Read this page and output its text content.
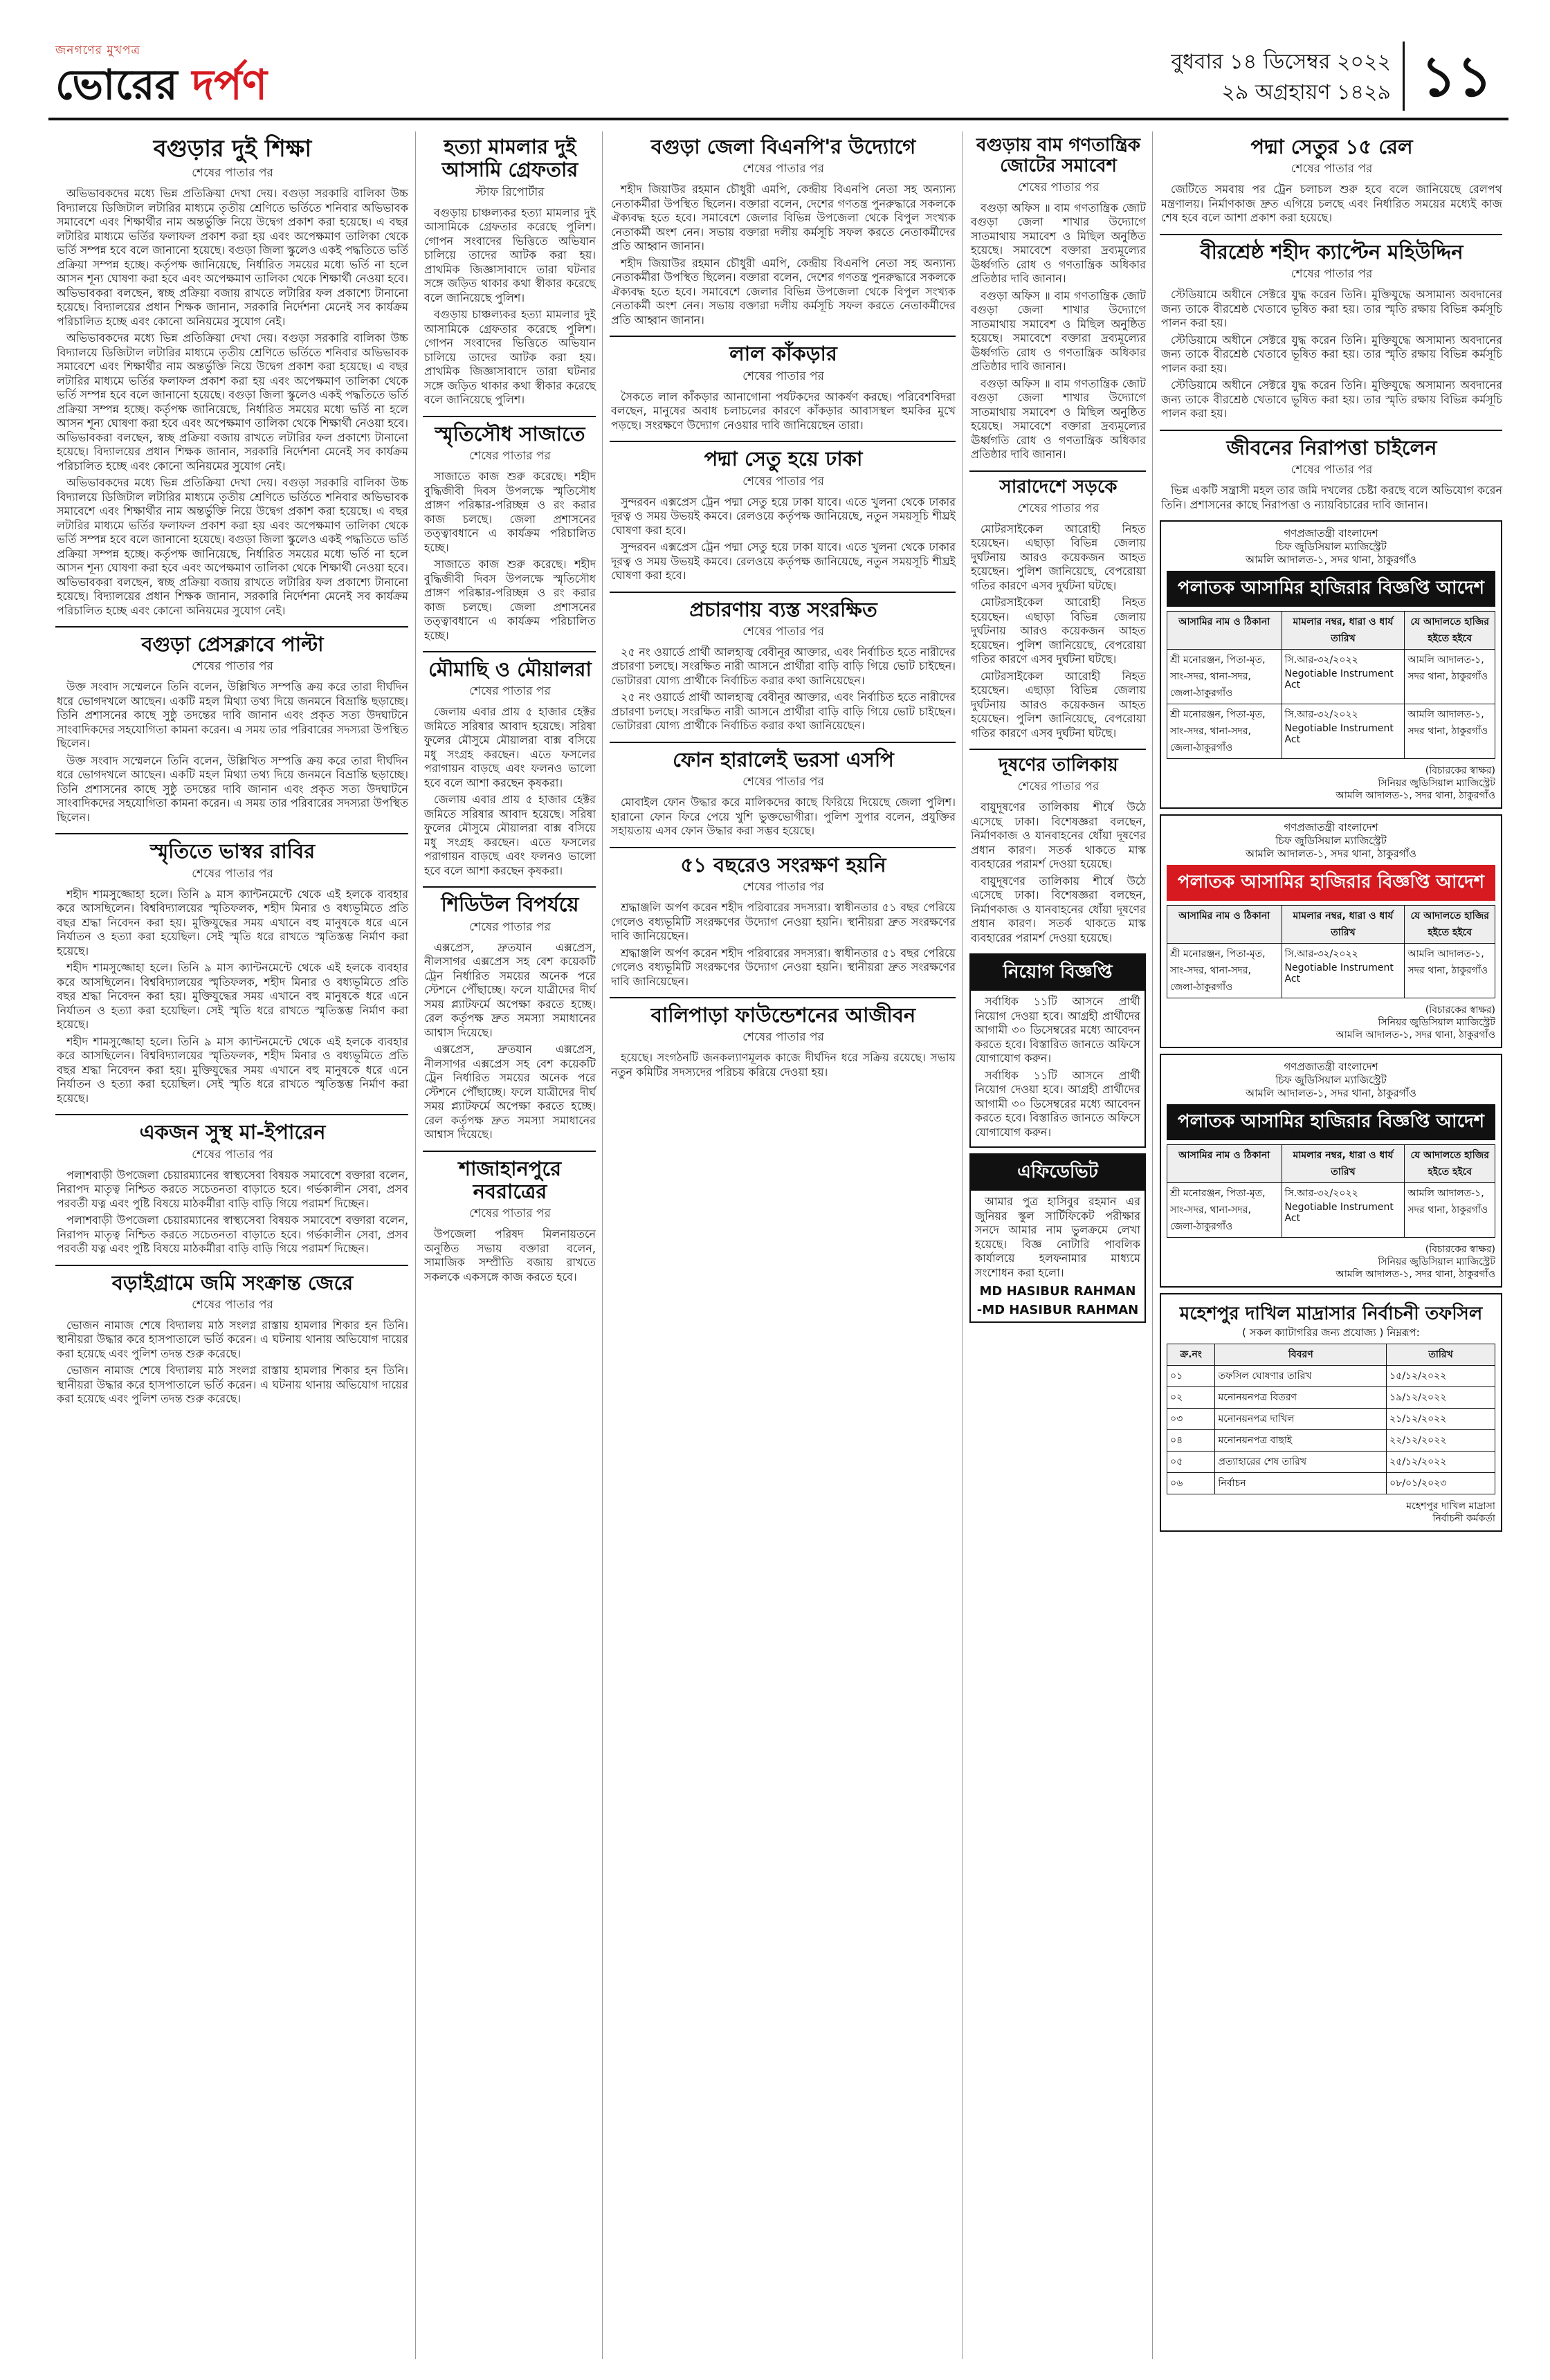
জনগণের মুখপত্র
ভোরের দর্পণ	বুধবার ১৪ ডিসেম্বর ২০২২
২৯ অগ্রহায়ণ ১৪২৯ ১১
বগুড়ার দুই শিক্ষা
শেষের পাতার পর

অভিভাবকদের মধ্যে ভিন্ন প্রতিক্রিয়া দেখা দেয়। বগুড়া সরকারি বালিকা উচ্চ বিদ্যালয়ে ডিজিটাল লটারির মাধ্যমে তৃতীয় শ্রেণিতে ভর্তিতে শনিবার অভিভাবক সমাবেশে এবং শিক্ষার্থীর নাম অন্তর্ভুক্তি নিয়ে উদ্বেগ প্রকাশ করা হয়েছে। এ বছর লটারির মাধ্যমে ভর্তির ফলাফল প্রকাশ করা হয় এবং অপেক্ষমাণ তালিকা থেকে ভর্তি সম্পন্ন হবে বলে জানানো হয়েছে। বগুড়া জিলা স্কুলেও একই পদ্ধতিতে ভর্তি প্রক্রিয়া সম্পন্ন হচ্ছে। কর্তৃপক্ষ জানিয়েছে, নির্ধারিত সময়ের মধ্যে ভর্তি না হলে আসন শূন্য ঘোষণা করা হবে এবং অপেক্ষমাণ তালিকা থেকে শিক্ষার্থী নেওয়া হবে। অভিভাবকরা বলছেন, স্বচ্ছ প্রক্রিয়া বজায় রাখতে লটারির ফল প্রকাশ্যে টানানো হয়েছে। বিদ্যালয়ের প্রধান শিক্ষক জানান, সরকারি নির্দেশনা মেনেই সব কার্যক্রম পরিচালিত হচ্ছে এবং কোনো অনিয়মের সুযোগ নেই।

অভিভাবকদের মধ্যে ভিন্ন প্রতিক্রিয়া দেখা দেয়। বগুড়া সরকারি বালিকা উচ্চ বিদ্যালয়ে ডিজিটাল লটারির মাধ্যমে তৃতীয় শ্রেণিতে ভর্তিতে শনিবার অভিভাবক সমাবেশে এবং শিক্ষার্থীর নাম অন্তর্ভুক্তি নিয়ে উদ্বেগ প্রকাশ করা হয়েছে। এ বছর লটারির মাধ্যমে ভর্তির ফলাফল প্রকাশ করা হয় এবং অপেক্ষমাণ তালিকা থেকে ভর্তি সম্পন্ন হবে বলে জানানো হয়েছে। বগুড়া জিলা স্কুলেও একই পদ্ধতিতে ভর্তি প্রক্রিয়া সম্পন্ন হচ্ছে। কর্তৃপক্ষ জানিয়েছে, নির্ধারিত সময়ের মধ্যে ভর্তি না হলে আসন শূন্য ঘোষণা করা হবে এবং অপেক্ষমাণ তালিকা থেকে শিক্ষার্থী নেওয়া হবে। অভিভাবকরা বলছেন, স্বচ্ছ প্রক্রিয়া বজায় রাখতে লটারির ফল প্রকাশ্যে টানানো হয়েছে। বিদ্যালয়ের প্রধান শিক্ষক জানান, সরকারি নির্দেশনা মেনেই সব কার্যক্রম পরিচালিত হচ্ছে এবং কোনো অনিয়মের সুযোগ নেই।

অভিভাবকদের মধ্যে ভিন্ন প্রতিক্রিয়া দেখা দেয়। বগুড়া সরকারি বালিকা উচ্চ বিদ্যালয়ে ডিজিটাল লটারির মাধ্যমে তৃতীয় শ্রেণিতে ভর্তিতে শনিবার অভিভাবক সমাবেশে এবং শিক্ষার্থীর নাম অন্তর্ভুক্তি নিয়ে উদ্বেগ প্রকাশ করা হয়েছে। এ বছর লটারির মাধ্যমে ভর্তির ফলাফল প্রকাশ করা হয় এবং অপেক্ষমাণ তালিকা থেকে ভর্তি সম্পন্ন হবে বলে জানানো হয়েছে। বগুড়া জিলা স্কুলেও একই পদ্ধতিতে ভর্তি প্রক্রিয়া সম্পন্ন হচ্ছে। কর্তৃপক্ষ জানিয়েছে, নির্ধারিত সময়ের মধ্যে ভর্তি না হলে আসন শূন্য ঘোষণা করা হবে এবং অপেক্ষমাণ তালিকা থেকে শিক্ষার্থী নেওয়া হবে। অভিভাবকরা বলছেন, স্বচ্ছ প্রক্রিয়া বজায় রাখতে লটারির ফল প্রকাশ্যে টানানো হয়েছে। বিদ্যালয়ের প্রধান শিক্ষক জানান, সরকারি নির্দেশনা মেনেই সব কার্যক্রম পরিচালিত হচ্ছে এবং কোনো অনিয়মের সুযোগ নেই।

বগুড়া প্রেসক্লাবে পাল্টা
শেষের পাতার পর

উক্ত সংবাদ সম্মেলনে তিনি বলেন, উল্লিখিত সম্পত্তি ক্রয় করে তারা দীর্ঘদিন ধরে ভোগদখলে আছেন। একটি মহল মিথ্যা তথ্য দিয়ে জনমনে বিভ্রান্তি ছড়াচ্ছে। তিনি প্রশাসনের কাছে সুষ্ঠু তদন্তের দাবি জানান এবং প্রকৃত সত্য উদঘাটনে সাংবাদিকদের সহযোগিতা কামনা করেন। এ সময় তার পরিবারের সদস্যরা উপস্থিত ছিলেন।

উক্ত সংবাদ সম্মেলনে তিনি বলেন, উল্লিখিত সম্পত্তি ক্রয় করে তারা দীর্ঘদিন ধরে ভোগদখলে আছেন। একটি মহল মিথ্যা তথ্য দিয়ে জনমনে বিভ্রান্তি ছড়াচ্ছে। তিনি প্রশাসনের কাছে সুষ্ঠু তদন্তের দাবি জানান এবং প্রকৃত সত্য উদঘাটনে সাংবাদিকদের সহযোগিতা কামনা করেন। এ সময় তার পরিবারের সদস্যরা উপস্থিত ছিলেন।

স্মৃতিতে ভাস্বর রাবির
শেষের পাতার পর

শহীদ শামসুজ্জোহা হলে। তিনি ৯ মাস ক্যান্টনমেন্টে থেকে এই হলকে ব্যবহার করে আসছিলেন। বিশ্ববিদ্যালয়ের স্মৃতিফলক, শহীদ মিনার ও বধ্যভূমিতে প্রতি বছর শ্রদ্ধা নিবেদন করা হয়। মুক্তিযুদ্ধের সময় এখানে বহু মানুষকে ধরে এনে নির্যাতন ও হত্যা করা হয়েছিল। সেই স্মৃতি ধরে রাখতে স্মৃতিস্তম্ভ নির্মাণ করা হয়েছে।

শহীদ শামসুজ্জোহা হলে। তিনি ৯ মাস ক্যান্টনমেন্টে থেকে এই হলকে ব্যবহার করে আসছিলেন। বিশ্ববিদ্যালয়ের স্মৃতিফলক, শহীদ মিনার ও বধ্যভূমিতে প্রতি বছর শ্রদ্ধা নিবেদন করা হয়। মুক্তিযুদ্ধের সময় এখানে বহু মানুষকে ধরে এনে নির্যাতন ও হত্যা করা হয়েছিল। সেই স্মৃতি ধরে রাখতে স্মৃতিস্তম্ভ নির্মাণ করা হয়েছে।

শহীদ শামসুজ্জোহা হলে। তিনি ৯ মাস ক্যান্টনমেন্টে থেকে এই হলকে ব্যবহার করে আসছিলেন। বিশ্ববিদ্যালয়ের স্মৃতিফলক, শহীদ মিনার ও বধ্যভূমিতে প্রতি বছর শ্রদ্ধা নিবেদন করা হয়। মুক্তিযুদ্ধের সময় এখানে বহু মানুষকে ধরে এনে নির্যাতন ও হত্যা করা হয়েছিল। সেই স্মৃতি ধরে রাখতে স্মৃতিস্তম্ভ নির্মাণ করা হয়েছে।

একজন সুস্থ মা-ইপারেন
শেষের পাতার পর

পলাশবাড়ী উপজেলা চেয়ারম্যানের স্বাস্থ্যসেবা বিষয়ক সমাবেশে বক্তারা বলেন, নিরাপদ মাতৃত্ব নিশ্চিত করতে সচেতনতা বাড়াতে হবে। গর্ভকালীন সেবা, প্রসব পরবর্তী যত্ন এবং পুষ্টি বিষয়ে মাঠকর্মীরা বাড়ি বাড়ি গিয়ে পরামর্শ দিচ্ছেন।

পলাশবাড়ী উপজেলা চেয়ারম্যানের স্বাস্থ্যসেবা বিষয়ক সমাবেশে বক্তারা বলেন, নিরাপদ মাতৃত্ব নিশ্চিত করতে সচেতনতা বাড়াতে হবে। গর্ভকালীন সেবা, প্রসব পরবর্তী যত্ন এবং পুষ্টি বিষয়ে মাঠকর্মীরা বাড়ি বাড়ি গিয়ে পরামর্শ দিচ্ছেন।

বড়াইগ্রামে জমি সংক্রান্ত জেরে
শেষের পাতার পর

ভোজন নামাজ শেষে বিদ্যালয় মাঠ সংলগ্ন রাস্তায় হামলার শিকার হন তিনি। স্থানীয়রা উদ্ধার করে হাসপাতালে ভর্তি করেন। এ ঘটনায় থানায় অভিযোগ দায়ের করা হয়েছে এবং পুলিশ তদন্ত শুরু করেছে।

ভোজন নামাজ শেষে বিদ্যালয় মাঠ সংলগ্ন রাস্তায় হামলার শিকার হন তিনি। স্থানীয়রা উদ্ধার করে হাসপাতালে ভর্তি করেন। এ ঘটনায় থানায় অভিযোগ দায়ের করা হয়েছে এবং পুলিশ তদন্ত শুরু করেছে।

হত্যা মামলার দুই আসামি গ্রেফতার
স্টাফ রিপোর্টার

বগুড়ায় চাঞ্চল্যকর হত্যা মামলার দুই আসামিকে গ্রেফতার করেছে পুলিশ। গোপন সংবাদের ভিত্তিতে অভিযান চালিয়ে তাদের আটক করা হয়। প্রাথমিক জিজ্ঞাসাবাদে তারা ঘটনার সঙ্গে জড়িত থাকার কথা স্বীকার করেছে বলে জানিয়েছে পুলিশ।

বগুড়ায় চাঞ্চল্যকর হত্যা মামলার দুই আসামিকে গ্রেফতার করেছে পুলিশ। গোপন সংবাদের ভিত্তিতে অভিযান চালিয়ে তাদের আটক করা হয়। প্রাথমিক জিজ্ঞাসাবাদে তারা ঘটনার সঙ্গে জড়িত থাকার কথা স্বীকার করেছে বলে জানিয়েছে পুলিশ।

স্মৃতিসৌধ সাজাতে
শেষের পাতার পর

সাজাতে কাজ শুরু করেছে। শহীদ বুদ্ধিজীবী দিবস উপলক্ষে স্মৃতিসৌধ প্রাঙ্গণ পরিষ্কার-পরিচ্ছন্ন ও রং করার কাজ চলছে। জেলা প্রশাসনের তত্ত্বাবধানে এ কার্যক্রম পরিচালিত হচ্ছে।

সাজাতে কাজ শুরু করেছে। শহীদ বুদ্ধিজীবী দিবস উপলক্ষে স্মৃতিসৌধ প্রাঙ্গণ পরিষ্কার-পরিচ্ছন্ন ও রং করার কাজ চলছে। জেলা প্রশাসনের তত্ত্বাবধানে এ কার্যক্রম পরিচালিত হচ্ছে।

মৌমাছি ও মৌয়ালরা
শেষের পাতার পর

জেলায় এবার প্রায় ৫ হাজার হেক্টর জমিতে সরিষার আবাদ হয়েছে। সরিষা ফুলের মৌসুমে মৌয়ালরা বাক্স বসিয়ে মধু সংগ্রহ করছেন। এতে ফসলের পরাগায়ন বাড়ছে এবং ফলনও ভালো হবে বলে আশা করছেন কৃষকরা।

জেলায় এবার প্রায় ৫ হাজার হেক্টর জমিতে সরিষার আবাদ হয়েছে। সরিষা ফুলের মৌসুমে মৌয়ালরা বাক্স বসিয়ে মধু সংগ্রহ করছেন। এতে ফসলের পরাগায়ন বাড়ছে এবং ফলনও ভালো হবে বলে আশা করছেন কৃষকরা।

শিডিউল বিপর্যয়ে
শেষের পাতার পর

এক্সপ্রেস, দ্রুতযান এক্সপ্রেস, নীলসাগর এক্সপ্রেস সহ বেশ কয়েকটি ট্রেন নির্ধারিত সময়ের অনেক পরে স্টেশনে পৌঁছাচ্ছে। ফলে যাত্রীদের দীর্ঘ সময় প্ল্যাটফর্মে অপেক্ষা করতে হচ্ছে। রেল কর্তৃপক্ষ দ্রুত সমস্যা সমাধানের আশ্বাস দিয়েছে।

এক্সপ্রেস, দ্রুতযান এক্সপ্রেস, নীলসাগর এক্সপ্রেস সহ বেশ কয়েকটি ট্রেন নির্ধারিত সময়ের অনেক পরে স্টেশনে পৌঁছাচ্ছে। ফলে যাত্রীদের দীর্ঘ সময় প্ল্যাটফর্মে অপেক্ষা করতে হচ্ছে। রেল কর্তৃপক্ষ দ্রুত সমস্যা সমাধানের আশ্বাস দিয়েছে।

শাজাহানপুরে নবরাত্রের
শেষের পাতার পর

উপজেলা পরিষদ মিলনায়তনে অনুষ্ঠিত সভায় বক্তারা বলেন, সামাজিক সম্প্রীতি বজায় রাখতে সকলকে একসঙ্গে কাজ করতে হবে।

বগুড়া জেলা বিএনপি'র উদ্যোগে
শেষের পাতার পর

শহীদ জিয়াউর রহমান চৌধুরী এমপি, কেন্দ্রীয় বিএনপি নেতা সহ অন্যান্য নেতাকর্মীরা উপস্থিত ছিলেন। বক্তারা বলেন, দেশের গণতন্ত্র পুনরুদ্ধারে সকলকে ঐক্যবদ্ধ হতে হবে। সমাবেশে জেলার বিভিন্ন উপজেলা থেকে বিপুল সংখ্যক নেতাকর্মী অংশ নেন। সভায় বক্তারা দলীয় কর্মসূচি সফল করতে নেতাকর্মীদের প্রতি আহ্বান জানান।

শহীদ জিয়াউর রহমান চৌধুরী এমপি, কেন্দ্রীয় বিএনপি নেতা সহ অন্যান্য নেতাকর্মীরা উপস্থিত ছিলেন। বক্তারা বলেন, দেশের গণতন্ত্র পুনরুদ্ধারে সকলকে ঐক্যবদ্ধ হতে হবে। সমাবেশে জেলার বিভিন্ন উপজেলা থেকে বিপুল সংখ্যক নেতাকর্মী অংশ নেন। সভায় বক্তারা দলীয় কর্মসূচি সফল করতে নেতাকর্মীদের প্রতি আহ্বান জানান।

লাল কাঁকড়ার
শেষের পাতার পর

সৈকতে লাল কাঁকড়ার আনাগোনা পর্যটকদের আকর্ষণ করছে। পরিবেশবিদরা বলছেন, মানুষের অবাধ চলাচলের কারণে কাঁকড়ার আবাসস্থল হুমকির মুখে পড়ছে। সংরক্ষণে উদ্যোগ নেওয়ার দাবি জানিয়েছেন তারা।

পদ্মা সেতু হয়ে ঢাকা
শেষের পাতার পর

সুন্দরবন এক্সপ্রেস ট্রেন পদ্মা সেতু হয়ে ঢাকা যাবে। এতে খুলনা থেকে ঢাকার দূরত্ব ও সময় উভয়ই কমবে। রেলওয়ে কর্তৃপক্ষ জানিয়েছে, নতুন সময়সূচি শীঘ্রই ঘোষণা করা হবে।

সুন্দরবন এক্সপ্রেস ট্রেন পদ্মা সেতু হয়ে ঢাকা যাবে। এতে খুলনা থেকে ঢাকার দূরত্ব ও সময় উভয়ই কমবে। রেলওয়ে কর্তৃপক্ষ জানিয়েছে, নতুন সময়সূচি শীঘ্রই ঘোষণা করা হবে।

প্রচারণায় ব্যস্ত সংরক্ষিত
শেষের পাতার পর

২৫ নং ওয়ার্ডে প্রার্থী আলহাজ্ব বেবীনূর আক্তার, এবং নির্বাচিত হতে নারীদের প্রচারণা চলছে। সংরক্ষিত নারী আসনে প্রার্থীরা বাড়ি বাড়ি গিয়ে ভোট চাইছেন। ভোটাররা যোগ্য প্রার্থীকে নির্বাচিত করার কথা জানিয়েছেন।

২৫ নং ওয়ার্ডে প্রার্থী আলহাজ্ব বেবীনূর আক্তার, এবং নির্বাচিত হতে নারীদের প্রচারণা চলছে। সংরক্ষিত নারী আসনে প্রার্থীরা বাড়ি বাড়ি গিয়ে ভোট চাইছেন। ভোটাররা যোগ্য প্রার্থীকে নির্বাচিত করার কথা জানিয়েছেন।

ফোন হারালেই ভরসা এসপি
শেষের পাতার পর

মোবাইল ফোন উদ্ধার করে মালিকদের কাছে ফিরিয়ে দিয়েছে জেলা পুলিশ। হারানো ফোন ফিরে পেয়ে খুশি ভুক্তভোগীরা। পুলিশ সুপার বলেন, প্রযুক্তির সহায়তায় এসব ফোন উদ্ধার করা সম্ভব হয়েছে।

৫১ বছরেও সংরক্ষণ হয়নি
শেষের পাতার পর

শ্রদ্ধাঞ্জলি অর্পণ করেন শহীদ পরিবারের সদস্যরা। স্বাধীনতার ৫১ বছর পেরিয়ে গেলেও বধ্যভূমিটি সংরক্ষণের উদ্যোগ নেওয়া হয়নি। স্থানীয়রা দ্রুত সংরক্ষণের দাবি জানিয়েছেন।

শ্রদ্ধাঞ্জলি অর্পণ করেন শহীদ পরিবারের সদস্যরা। স্বাধীনতার ৫১ বছর পেরিয়ে গেলেও বধ্যভূমিটি সংরক্ষণের উদ্যোগ নেওয়া হয়নি। স্থানীয়রা দ্রুত সংরক্ষণের দাবি জানিয়েছেন।

বালিপাড়া ফাউন্ডেশনের আজীবন
শেষের পাতার পর

হয়েছে। সংগঠনটি জনকল্যাণমূলক কাজে দীর্ঘদিন ধরে সক্রিয় রয়েছে। সভায় নতুন কমিটির সদস্যদের পরিচয় করিয়ে দেওয়া হয়।

বগুড়ায় বাম গণতান্ত্রিক জোটের সমাবেশ
শেষের পাতার পর

বগুড়া অফিস ॥ বাম গণতান্ত্রিক জোট বগুড়া জেলা শাখার উদ্যোগে সাতমাথায় সমাবেশ ও মিছিল অনুষ্ঠিত হয়েছে। সমাবেশে বক্তারা দ্রব্যমূল্যের ঊর্ধ্বগতি রোধ ও গণতান্ত্রিক অধিকার প্রতিষ্ঠার দাবি জানান।

বগুড়া অফিস ॥ বাম গণতান্ত্রিক জোট বগুড়া জেলা শাখার উদ্যোগে সাতমাথায় সমাবেশ ও মিছিল অনুষ্ঠিত হয়েছে। সমাবেশে বক্তারা দ্রব্যমূল্যের ঊর্ধ্বগতি রোধ ও গণতান্ত্রিক অধিকার প্রতিষ্ঠার দাবি জানান।

বগুড়া অফিস ॥ বাম গণতান্ত্রিক জোট বগুড়া জেলা শাখার উদ্যোগে সাতমাথায় সমাবেশ ও মিছিল অনুষ্ঠিত হয়েছে। সমাবেশে বক্তারা দ্রব্যমূল্যের ঊর্ধ্বগতি রোধ ও গণতান্ত্রিক অধিকার প্রতিষ্ঠার দাবি জানান।

সারাদেশে সড়কে
শেষের পাতার পর

মোটরসাইকেল আরোহী নিহত হয়েছেন। এছাড়া বিভিন্ন জেলায় দুর্ঘটনায় আরও কয়েকজন আহত হয়েছেন। পুলিশ জানিয়েছে, বেপরোয়া গতির কারণে এসব দুর্ঘটনা ঘটছে।

মোটরসাইকেল আরোহী নিহত হয়েছেন। এছাড়া বিভিন্ন জেলায় দুর্ঘটনায় আরও কয়েকজন আহত হয়েছেন। পুলিশ জানিয়েছে, বেপরোয়া গতির কারণে এসব দুর্ঘটনা ঘটছে।

মোটরসাইকেল আরোহী নিহত হয়েছেন। এছাড়া বিভিন্ন জেলায় দুর্ঘটনায় আরও কয়েকজন আহত হয়েছেন। পুলিশ জানিয়েছে, বেপরোয়া গতির কারণে এসব দুর্ঘটনা ঘটছে।

দূষণের তালিকায়
শেষের পাতার পর

বায়ুদূষণের তালিকায় শীর্ষে উঠে এসেছে ঢাকা। বিশেষজ্ঞরা বলছেন, নির্মাণকাজ ও যানবাহনের ধোঁয়া দূষণের প্রধান কারণ। সতর্ক থাকতে মাস্ক ব্যবহারের পরামর্শ দেওয়া হয়েছে।

বায়ুদূষণের তালিকায় শীর্ষে উঠে এসেছে ঢাকা। বিশেষজ্ঞরা বলছেন, নির্মাণকাজ ও যানবাহনের ধোঁয়া দূষণের প্রধান কারণ। সতর্ক থাকতে মাস্ক ব্যবহারের পরামর্শ দেওয়া হয়েছে।

নিয়োগ বিজ্ঞপ্তি

সর্বাধিক ১১টি আসনে প্রার্থী নিয়োগ দেওয়া হবে। আগ্রহী প্রার্থীদের আগামী ৩০ ডিসেম্বরের মধ্যে আবেদন করতে হবে। বিস্তারিত জানতে অফিসে যোগাযোগ করুন।

সর্বাধিক ১১টি আসনে প্রার্থী নিয়োগ দেওয়া হবে। আগ্রহী প্রার্থীদের আগামী ৩০ ডিসেম্বরের মধ্যে আবেদন করতে হবে। বিস্তারিত জানতে অফিসে যোগাযোগ করুন।

এফিডেভিট

আমার পুত্র হাসিবুর রহমান এর জুনিয়র স্কুল সার্টিফিকেট পরীক্ষার সনদে আমার নাম ভুলক্রমে লেখা হয়েছে। বিজ্ঞ নোটারি পাবলিক কার্যালয়ে হলফনামার মাধ্যমে সংশোধন করা হলো।

MD HASIBUR RAHMAN
-MD HASIBUR RAHMAN
পদ্মা সেতুর ১৫ রেল
শেষের পাতার পর

জেটিতে সমবায় পর ট্রেন চলাচল শুরু হবে বলে জানিয়েছে রেলপথ মন্ত্রণালয়। নির্মাণকাজ দ্রুত এগিয়ে চলছে এবং নির্ধারিত সময়ের মধ্যেই কাজ শেষ হবে বলে আশা প্রকাশ করা হয়েছে।

বীরশ্রেষ্ঠ শহীদ ক্যাপ্টেন মহিউদ্দিন
শেষের পাতার পর

স্টেডিয়ামে অধীনে সেক্টরে যুদ্ধ করেন তিনি। মুক্তিযুদ্ধে অসামান্য অবদানের জন্য তাকে বীরশ্রেষ্ঠ খেতাবে ভূষিত করা হয়। তার স্মৃতি রক্ষায় বিভিন্ন কর্মসূচি পালন করা হয়।

স্টেডিয়ামে অধীনে সেক্টরে যুদ্ধ করেন তিনি। মুক্তিযুদ্ধে অসামান্য অবদানের জন্য তাকে বীরশ্রেষ্ঠ খেতাবে ভূষিত করা হয়। তার স্মৃতি রক্ষায় বিভিন্ন কর্মসূচি পালন করা হয়।

স্টেডিয়ামে অধীনে সেক্টরে যুদ্ধ করেন তিনি। মুক্তিযুদ্ধে অসামান্য অবদানের জন্য তাকে বীরশ্রেষ্ঠ খেতাবে ভূষিত করা হয়। তার স্মৃতি রক্ষায় বিভিন্ন কর্মসূচি পালন করা হয়।

জীবনের নিরাপত্তা চাইলেন
শেষের পাতার পর

ভিন্ন একটি সন্ত্রাসী মহল তার জমি দখলের চেষ্টা করছে বলে অভিযোগ করেন তিনি। প্রশাসনের কাছে নিরাপত্তা ও ন্যায়বিচারের দাবি জানান।

গণপ্রজাতন্ত্রী বাংলাদেশ
চিফ জুডিসিয়াল ম্যাজিস্ট্রেট
আমলি আদালত-১, সদর থানা, ঠাকুরগাঁও
পলাতক আসামির হাজিরার বিজ্ঞপ্তি আদেশ
আসামির নাম ও ঠিকানা	মামলার নম্বর, ধারা ও ধার্য তারিখ	যে আদালতে হাজির হইতে হইবে
শ্রী মনোরঞ্জন, পিতা-মৃত, সাং-সদর, থানা-সদর, জেলা-ঠাকুরগাঁও	সি.আর-৩২/২০২২ Negotiable Instrument Act	আমলি আদালত-১, সদর থানা, ঠাকুরগাঁও
শ্রী মনোরঞ্জন, পিতা-মৃত, সাং-সদর, থানা-সদর, জেলা-ঠাকুরগাঁও	সি.আর-৩২/২০২২ Negotiable Instrument Act	আমলি আদালত-১, সদর থানা, ঠাকুরগাঁও
(বিচারকের স্বাক্ষর)
সিনিয়র জুডিসিয়াল ম্যাজিস্ট্রেট
আমলি আদালত-১, সদর থানা, ঠাকুরগাঁও
গণপ্রজাতন্ত্রী বাংলাদেশ
চিফ জুডিসিয়াল ম্যাজিস্ট্রেট
আমলি আদালত-১, সদর থানা, ঠাকুরগাঁও
পলাতক আসামির হাজিরার বিজ্ঞপ্তি আদেশ
আসামির নাম ও ঠিকানা	মামলার নম্বর, ধারা ও ধার্য তারিখ	যে আদালতে হাজির হইতে হইবে
শ্রী মনোরঞ্জন, পিতা-মৃত, সাং-সদর, থানা-সদর, জেলা-ঠাকুরগাঁও	সি.আর-৩২/২০২২ Negotiable Instrument Act	আমলি আদালত-১, সদর থানা, ঠাকুরগাঁও
(বিচারকের স্বাক্ষর)
সিনিয়র জুডিসিয়াল ম্যাজিস্ট্রেট
আমলি আদালত-১, সদর থানা, ঠাকুরগাঁও
গণপ্রজাতন্ত্রী বাংলাদেশ
চিফ জুডিসিয়াল ম্যাজিস্ট্রেট
আমলি আদালত-১, সদর থানা, ঠাকুরগাঁও
পলাতক আসামির হাজিরার বিজ্ঞপ্তি আদেশ
আসামির নাম ও ঠিকানা	মামলার নম্বর, ধারা ও ধার্য তারিখ	যে আদালতে হাজির হইতে হইবে
শ্রী মনোরঞ্জন, পিতা-মৃত, সাং-সদর, থানা-সদর, জেলা-ঠাকুরগাঁও	সি.আর-৩২/২০২২ Negotiable Instrument Act	আমলি আদালত-১, সদর থানা, ঠাকুরগাঁও
(বিচারকের স্বাক্ষর)
সিনিয়র জুডিসিয়াল ম্যাজিস্ট্রেট
আমলি আদালত-১, সদর থানা, ঠাকুরগাঁও
মহেশপুর দাখিল মাদ্রাসার নির্বাচনী তফসিল
( সকল ক্যাটাগরির জন্য প্রযোজ্য ) নিম্নরূপ:
ক্র.নং	বিবরণ	তারিখ
০১	তফসিল ঘোষণার তারিখ	১৫/১২/২০২২
০২	মনোনয়নপত্র বিতরণ	১৯/১২/২০২২
০৩	মনোনয়নপত্র দাখিল	২১/১২/২০২২
০৪	মনোনয়নপত্র বাছাই	২২/১২/২০২২
০৫	প্রত্যাহারের শেষ তারিখ	২৫/১২/২০২২
০৬	নির্বাচন	০৮/০১/২০২৩
মহেশপুর দাখিল মাদ্রাসা
নির্বাচনী কর্মকর্তা
